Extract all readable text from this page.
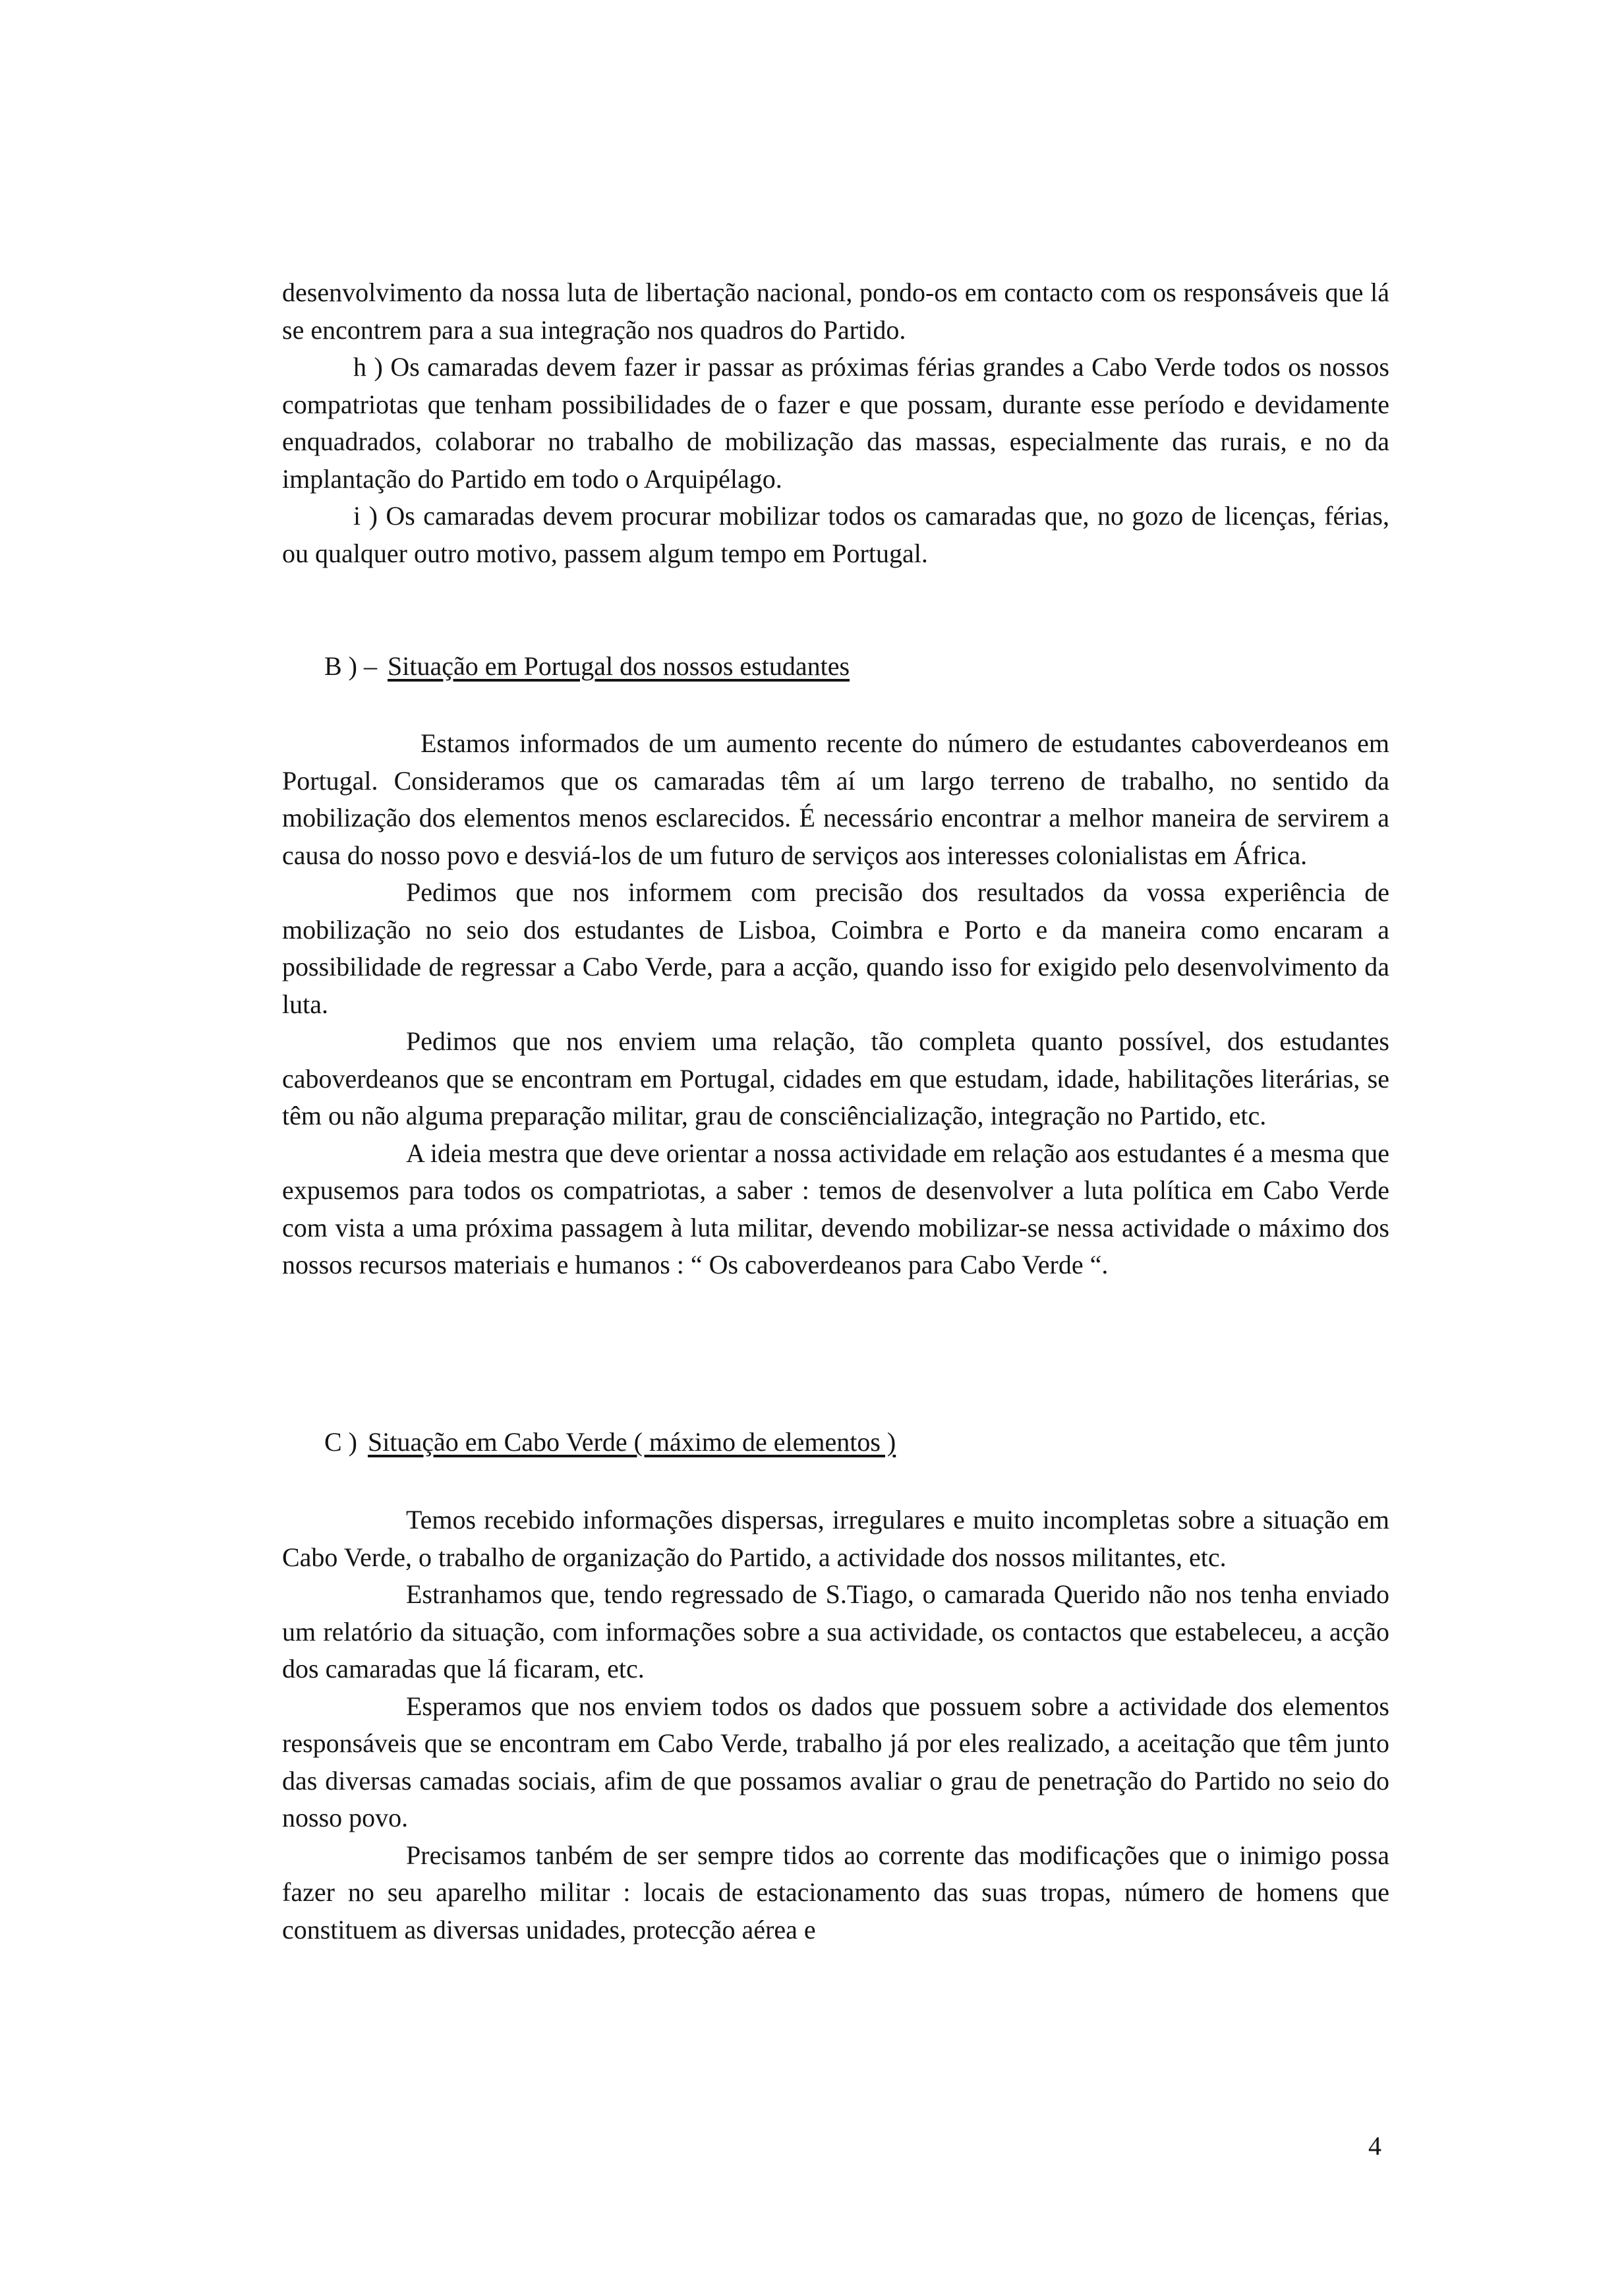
desenvolvimento da nossa luta de libertação nacional, pondo-os em contacto com os responsáveis que lá se encontrem para a sua integração nos quadros do Partido.

h ) Os camaradas devem fazer ir passar as próximas férias grandes a Cabo Verde todos os nossos compatriotas que tenham possibilidades de o fazer e que possam, durante esse período e devidamente enquadrados, colaborar no trabalho de mobilização das massas, especialmente das rurais, e no da implantação do Partido em todo o Arquipélago.

i ) Os camaradas devem procurar mobilizar todos os camaradas que, no gozo de licenças, férias, ou qualquer outro motivo, passem algum tempo em Portugal.

B ) – Situação em Portugal dos nossos estudantes

Estamos informados de um aumento recente do número de estudantes caboverdeanos em Portugal. Consideramos que os camaradas têm aí um largo terreno de trabalho, no sentido da mobilização dos elementos menos esclarecidos. É necessário encontrar a melhor maneira de servirem a causa do nosso povo e desviá-los de um futuro de serviços aos interesses colonialistas em África.

Pedimos que nos informem com precisão dos resultados da vossa experiência de mobilização no seio dos estudantes de Lisboa, Coimbra e Porto e da maneira como encaram a possibilidade de regressar a Cabo Verde, para a acção, quando isso for exigido pelo desenvolvimento da luta.

Pedimos que nos enviem uma relação, tão completa quanto possível, dos estudantes caboverdeanos que se encontram em Portugal, cidades em que estudam, idade, habilitações literárias, se têm ou não alguma preparação militar, grau de consciêncialização, integração no Partido, etc.

A ideia mestra que deve orientar a nossa actividade em relação aos estudantes é a mesma que expusemos para todos os compatriotas, a saber : temos de desenvolver a luta política em Cabo Verde com vista a uma próxima passagem à luta militar, devendo mobilizar-se nessa actividade o máximo dos nossos recursos materiais e humanos : “ Os caboverdeanos para Cabo Verde “.

C ) Situação em Cabo Verde ( máximo de elementos )

Temos recebido informações dispersas, irregulares e muito incompletas sobre a situação em Cabo Verde, o trabalho de organização do Partido, a actividade dos nossos militantes, etc.

Estranhamos que, tendo regressado de S.Tiago, o camarada Querido não nos tenha enviado um relatório da situação, com informações sobre a sua actividade, os contactos que estabeleceu, a acção dos camaradas que lá ficaram, etc.

Esperamos que nos enviem todos os dados que possuem sobre a actividade dos elementos responsáveis que se encontram em Cabo Verde, trabalho já por eles realizado, a aceitação que têm junto das diversas camadas sociais, afim de que possamos avaliar o grau de penetração do Partido no seio do nosso povo.

Precisamos tanbém de ser sempre tidos ao corrente das modificações que o inimigo possa fazer no seu aparelho militar : locais de estacionamento das suas tropas, número de homens que constituem as diversas unidades, protecção aérea e

4
